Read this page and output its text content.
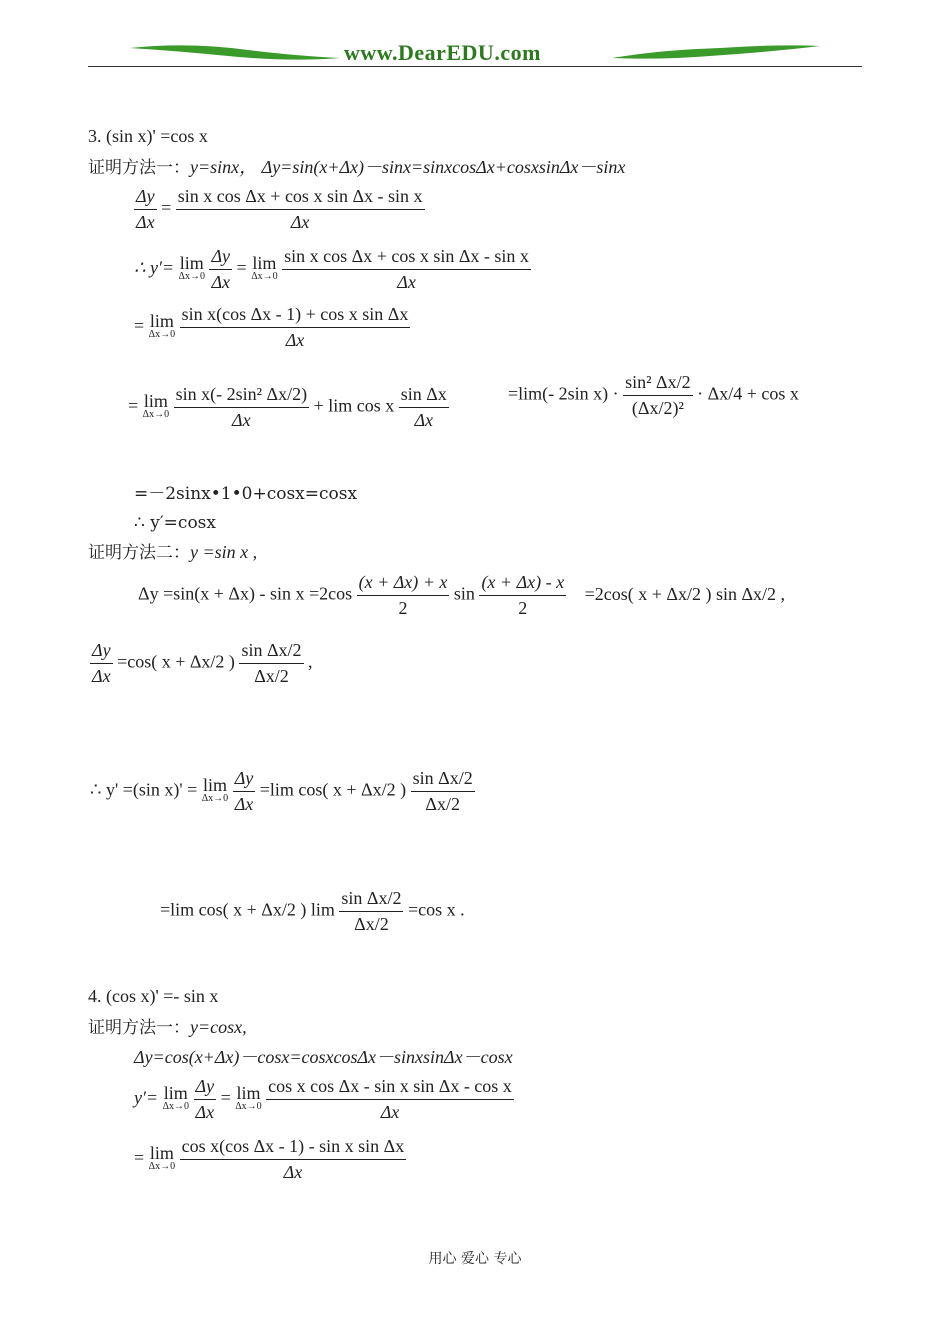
www.DearEDU.com
3. (sin x)' =cos x
证明方法一：y=sinx， Δy=sin(x+Δx)－sinx=sinxcosΔx+cosxsinΔx－sinx
$\frac{\Delta y}{\Delta x} = \frac{\text{sin x cos Δx + cos x sin Δx - sin x}}{\Delta x}$
∴ y′= lim
Δx→0
$\frac{\Delta y}{\Delta x} = \lim$
Δx→0
$\frac{\text{sin x cos Δx + cos x sin Δx - sin x}}{\Delta x}$
= lim
Δx→0
$\frac{\text{sin x(cos Δx - 1) + cos x sin Δx}}{\Delta x}$
= lim
Δx→0
$\frac{\text{sin x(- 2sin² Δx/2)}}{\Delta x} + \lim \cos x \frac{\text{sin Δx}}{\Delta x}$	=lim(- 2sin $x) \cdot \frac{\text{sin² Δx/2}}{\text{(Δx/2)²}} \cdot \Delta x/4 + \cos x$
=－2sinx•1•0+cosx=cosx
∴ y′=cosx
证明方法二：y =sin x ,
$\Delta y =\sin(x + \Delta x) - \sin x =2\cos \frac{(x + \Delta x) + x}{2}$ $\sin \frac{(x + \Delta x) - x}{2} =2\cos$( x + Δx/2 ) sin Δx/2 ,
$\frac{\Delta y}{\Delta x} =\cos$( x + Δx/2 ) $\frac{\text{sin Δx/2}}{\Delta x/2}$ ,
∴ y' =(sin x)' = lim
Δx→0
$\frac{\Delta y}{\Delta x} =\lim$ cos( x + Δx/2 ) $\frac{\text{sin Δx/2}}{\Delta x/2}$
=lim cos( x + Δx/2 ) $\lim \frac{\text{sin Δx/2}}{\Delta x/2} =\cos$ x .
4. (cos x)' =- sin x
证明方法一：y=cosx,
Δy=cos(x+Δx)－cosx=cosxcosΔx－sinxsinΔx－cosx
y′= lim
Δx→0
$\frac{\Delta y}{\Delta x} = \lim$
Δx→0
$\frac{\text{cos x cos Δx - sin x sin Δx - cos x}}{\Delta x}$
= lim
Δx→0
$\frac{\text{cos x(cos Δx - 1) - sin x sin Δx}}{\Delta x}$
用心 爱心 专心
